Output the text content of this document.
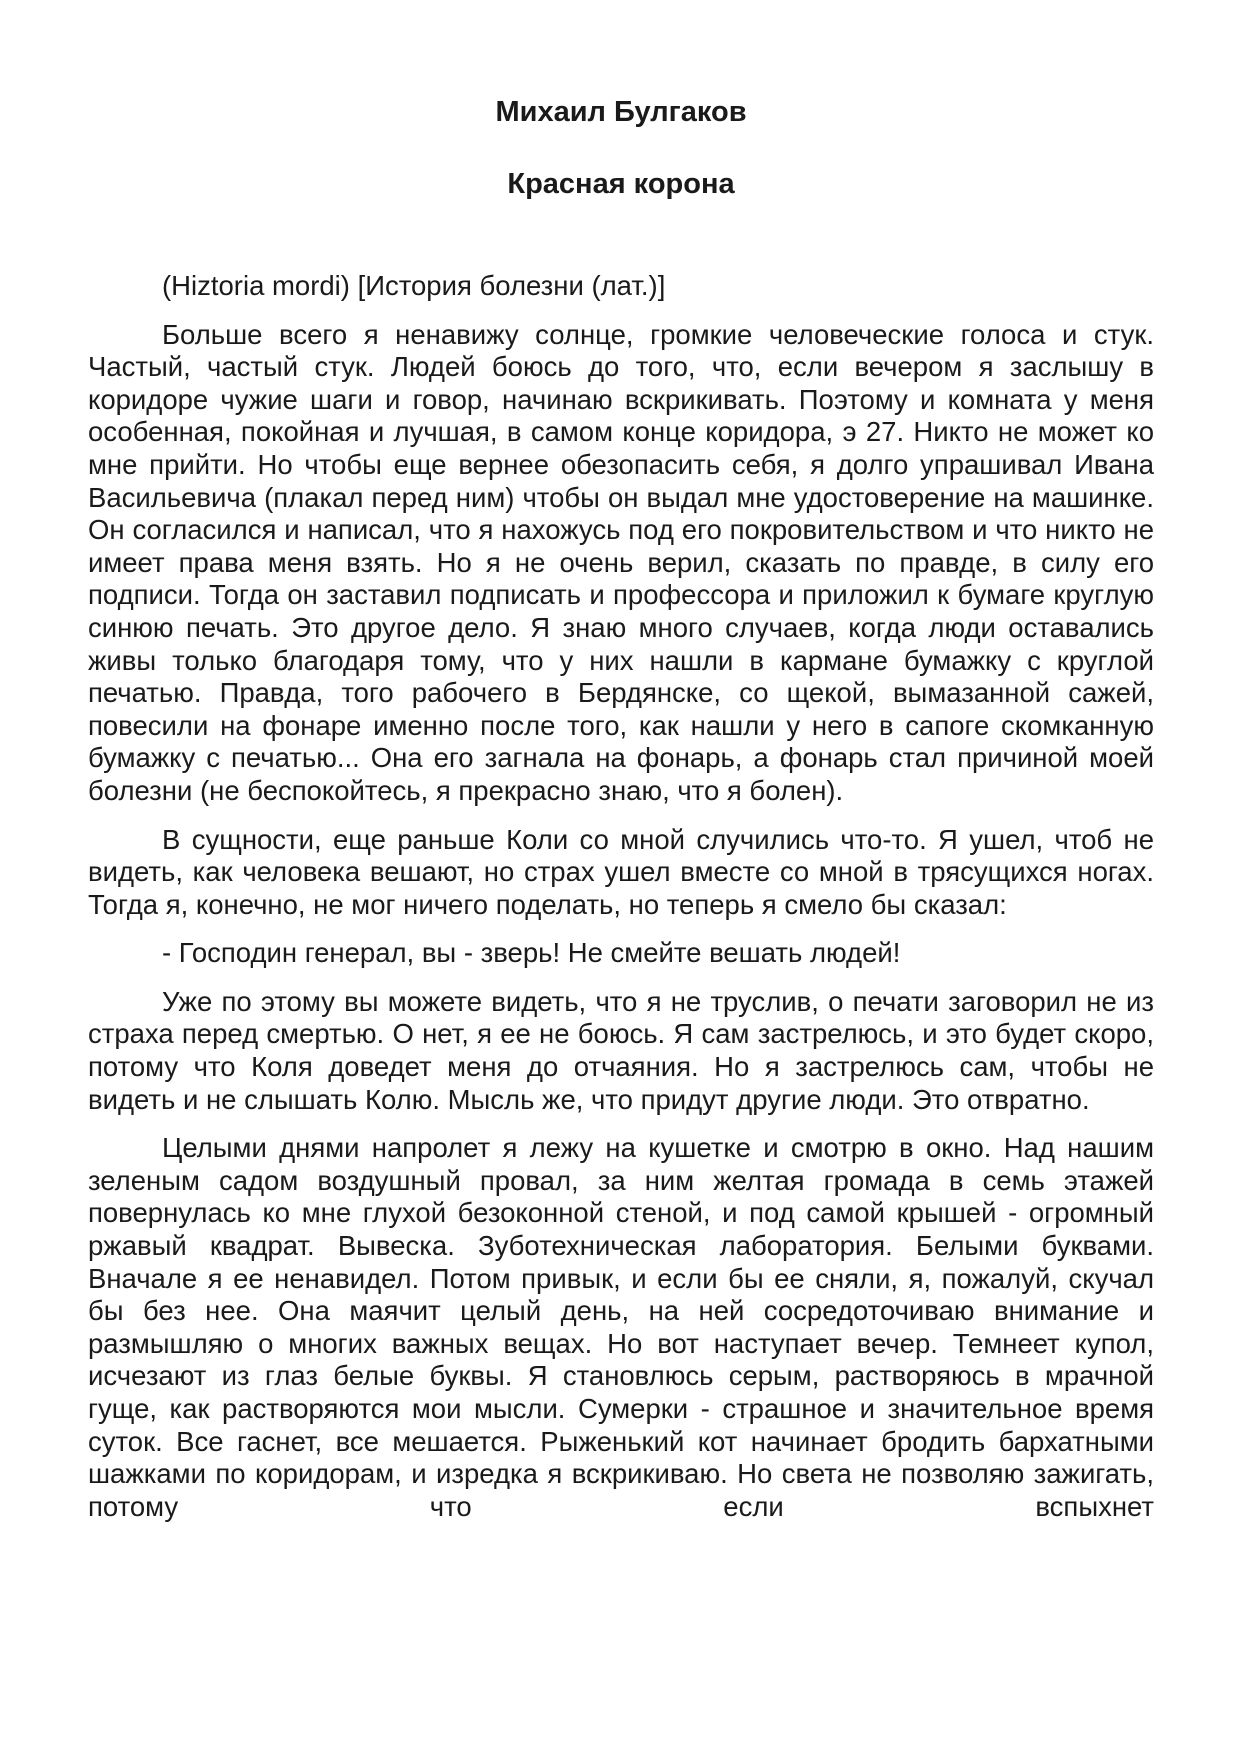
Михаил Булгаков
Красная корона

(Hiztoria mordi) [История болезни (лат.)]

Больше всего я ненавижу солнце, громкие человеческие голоса и стук. Частый, частый стук. Людей боюсь до того, что, если вечером я заслышу в коридоре чужие шаги и говор, начинаю вскрикивать. Поэтому и комната у меня особенная, покойная и лучшая, в самом конце коридора, э 27. Никто не может ко мне прийти. Но чтобы еще вернее обезопасить себя, я долго упрашивал Ивана Васильевича (плакал перед ним) чтобы он выдал мне удостоверение на машинке. Он согласился и написал, что я нахожусь под его покровительством и что никто не имеет права меня взять. Но я не очень верил, сказать по правде, в силу его подписи. Тогда он заставил подписать и профессора и приложил к бумаге круглую синюю печать. Это другое дело. Я знаю много случаев, когда люди оставались живы только благодаря тому, что у них нашли в кармане бумажку с круглой печатью. Правда, того рабочего в Бердянске, со щекой, вымазанной сажей, повесили на фонаре именно после того, как нашли у него в сапоге скомканную бумажку с печатью... Она его загнала на фонарь, а фонарь стал причиной моей болезни (не беспокойтесь, я прекрасно знаю, что я болен).

В сущности, еще раньше Коли со мной случились что-то. Я ушел, чтоб не видеть, как человека вешают, но страх ушел вместе со мной в трясущихся ногах. Тогда я, конечно, не мог ничего поделать, но теперь я смело бы сказал:

- Господин генерал, вы - зверь! Не смейте вешать людей!

Уже по этому вы можете видеть, что я не труслив, о печати заговорил не из страха перед смертью. О нет, я ее не боюсь. Я сам застрелюсь, и это будет скоро, потому что Коля доведет меня до отчаяния. Но я застрелюсь сам, чтобы не видеть и не слышать Колю. Мысль же, что придут другие люди. Это отвратно.

Целыми днями напролет я лежу на кушетке и смотрю в окно. Над нашим зеленым садом воздушный провал, за ним желтая громада в семь этажей повернулась ко мне глухой безоконной стеной, и под самой крышей - огромный ржавый квадрат. Вывеска. Зуботехническая лаборатория. Белыми буквами. Вначале я ее ненавидел. Потом привык, и если бы ее сняли, я, пожалуй, скучал бы без нее. Она маячит целый день, на ней сосредоточиваю внимание и размышляю о многих важных вещах. Но вот наступает вечер. Темнеет купол, исчезают из глаз белые буквы. Я становлюсь серым, растворяюсь в мрачной гуще, как растворяются мои мысли. Сумерки - страшное и значительное время суток. Все гаснет, все мешается. Рыженький кот начинает бродить бархатными шажками по коридорам, и изредка я вскрикиваю. Но света не позволяю зажигать, потому что если вспыхнет
